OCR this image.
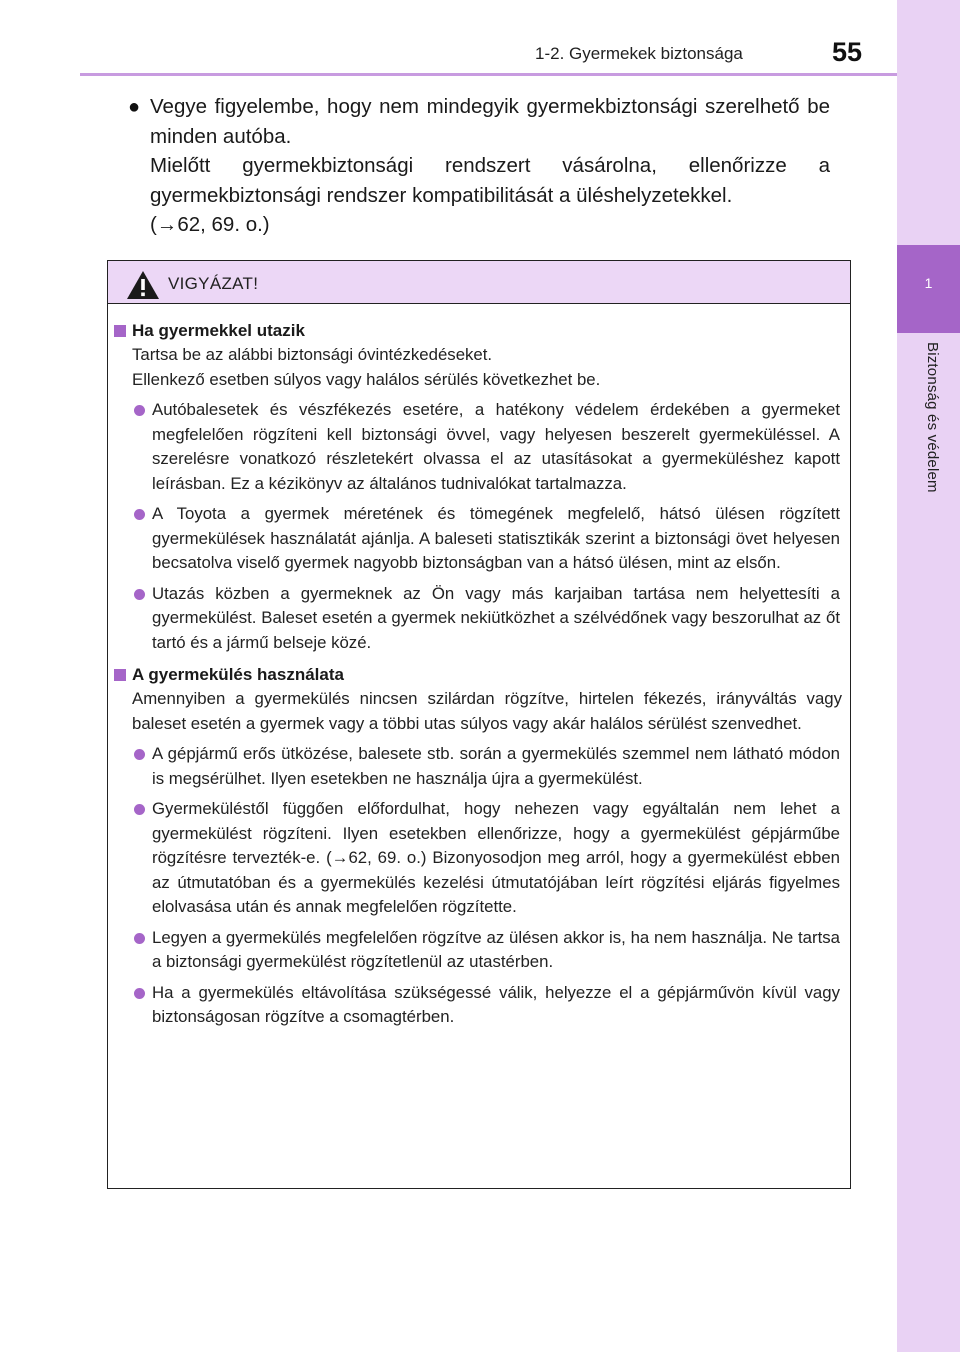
1-2. Gyermekek biztonsága	55
1
Biztonság és védelem
● Vegye figyelembe, hogy nem mindegyik gyermekbiztonsági szerelhető be minden autóba.

Mielőtt gyermekbiztonsági rendszert vásárolna, ellenőrizze a gyermekbiztonsági rendszer kompatibilitását a üléshelyzetekkel.

(→62, 69. o.)

VIGYÁZAT!
Ha gyermekkel utazik

Tartsa be az alábbi biztonsági óvintézkedéseket.

Ellenkező esetben súlyos vagy halálos sérülés következhet be.

Autóbalesetek és vészfékezés esetére, a hatékony védelem érdekében a gyermeket megfelelően rögzíteni kell biztonsági övvel, vagy helyesen beszerelt gyermeküléssel. A szerelésre vonatkozó részletekért olvassa el az utasításokat a gyermeküléshez kapott leírásban. Ez a kézikönyv az általános tudnivalókat tartalmazza.
A Toyota a gyermek méretének és tömegének megfelelő, hátsó ülésen rögzített gyermekülések használatát ajánlja. A baleseti statisztikák szerint a biztonsági övet helyesen becsatolva viselő gyermek nagyobb biztonságban van a hátsó ülésen, mint az elsőn.
Utazás közben a gyermeknek az Ön vagy más karjaiban tartása nem helyettesíti a gyermekülést. Baleset esetén a gyermek nekiütközhet a szélvédőnek vagy beszorulhat az őt tartó és a jármű belseje közé.
A gyermekülés használata

Amennyiben a gyermekülés nincsen szilárdan rögzítve, hirtelen fékezés, irányváltás vagy baleset esetén a gyermek vagy a többi utas súlyos vagy akár halálos sérülést szenvedhet.

A gépjármű erős ütközése, balesete stb. során a gyermekülés szemmel nem látható módon is megsérülhet. Ilyen esetekben ne használja újra a gyermekülést.
Gyermeküléstől függően előfordulhat, hogy nehezen vagy egyáltalán nem lehet a gyermekülést rögzíteni. Ilyen esetekben ellenőrizze, hogy a gyermekülést gépjárműbe rögzítésre tervezték-e. (→62, 69. o.) Bizonyosodjon meg arról, hogy a gyermekülést ebben az útmutatóban és a gyermekülés kezelési útmutatójában leírt rögzítési eljárás figyelmes elolvasása után és annak megfelelően rögzítette.
Legyen a gyermekülés megfelelően rögzítve az ülésen akkor is, ha nem használja. Ne tartsa a biztonsági gyermekülést rögzítetlenül az utastérben.
Ha a gyermekülés eltávolítása szükségessé válik, helyezze el a gépjárművön kívül vagy biztonságosan rögzítve a csomagtérben.
